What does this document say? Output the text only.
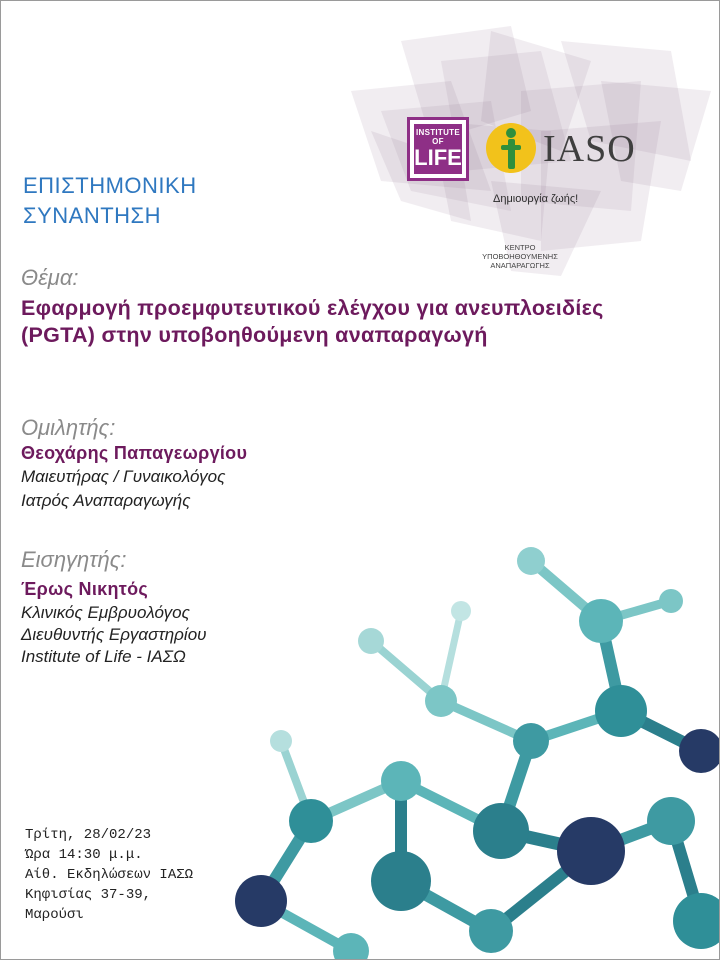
INSTITUTE OF
LIFE IASO
Δημιουργία ζωής!
ΚΕΝΤΡΟ ΥΠΟΒΟΗΘΟΥΜΕΝΗΣ ΑΝΑΠΑΡΑΓΩΓΗΣ
ΕΠΙΣΤΗΜΟΝΙΚΗ
ΣΥΝΑΝΤΗΣΗ
Θέμα:
Εφαρμογή προεμφυτευτικού ελέγχου για ανευπλοειδίες (PGTA) στην υποβοηθούμενη αναπαραγωγή
Ομιλητής:
Θεοχάρης Παπαγεωργίου
Μαιευτήρας / Γυναικολόγος
Ιατρός Αναπαραγωγής
Εισηγητής:
Έρως Νικητός
Κλινικός Εμβρυολόγος
Διευθυντής Εργαστηρίου
Institute of Life - ΙΑΣΩ
Τρίτη, 28/02/23
Ώρα 14:30 μ.μ.
Αίθ. Εκδηλώσεων ΙΑΣΩ
Κηφισίας 37-39,
Μαρούσι
